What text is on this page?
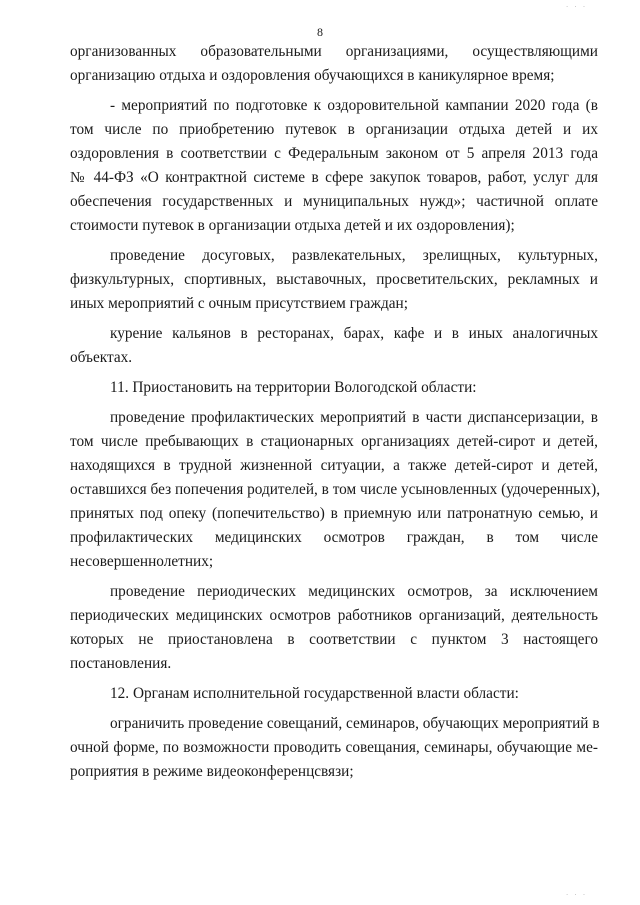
8
· · ·
· · ·
организованных образовательными организациями, осуществляющими
организацию отдыха и оздоровления обучающихся в каникулярное время;
- мероприятий по подготовке к оздоровительной кампании 2020 года (в
том числе по приобретению путевок в организации отдыха детей и их
оздоровления в соответствии с Федеральным законом от 5 апреля 2013 года
№ 44-ФЗ «О контрактной системе в сфере закупок товаров, работ, услуг для
обеспечения государственных и муниципальных нужд»; частичной оплате
стоимости путевок в организации отдыха детей и их оздоровления);
проведение досуговых, развлекательных, зрелищных, культурных,
физкультурных, спортивных, выставочных, просветительских, рекламных и
иных мероприятий с очным присутствием граждан;
курение кальянов в ресторанах, барах, кафе и в иных аналогичных
объектах.
11. Приостановить на территории Вологодской области:
проведение профилактических мероприятий в части диспансеризации, в
том числе пребывающих в стационарных организациях детей-сирот и детей,
находящихся в трудной жизненной ситуации, а также детей-сирот и детей,
оставшихся без попечения родителей, в том числе усыновленных (удочеренных),
принятых под опеку (попечительство) в приемную или патронатную семью, и
профилактических медицинских осмотров граждан, в том числе
несовершеннолетних;
проведение периодических медицинских осмотров, за исключением
периодических медицинских осмотров работников организаций, деятельность
которых не приостановлена в соответствии с пунктом 3 настоящего
постановления.
12. Органам исполнительной государственной власти области:
ограничить проведение совещаний, семинаров, обучающих мероприятий в
очной форме, по возможности проводить совещания, семинары, обучающие ме-
роприятия в режиме видеоконференцсвязи;
